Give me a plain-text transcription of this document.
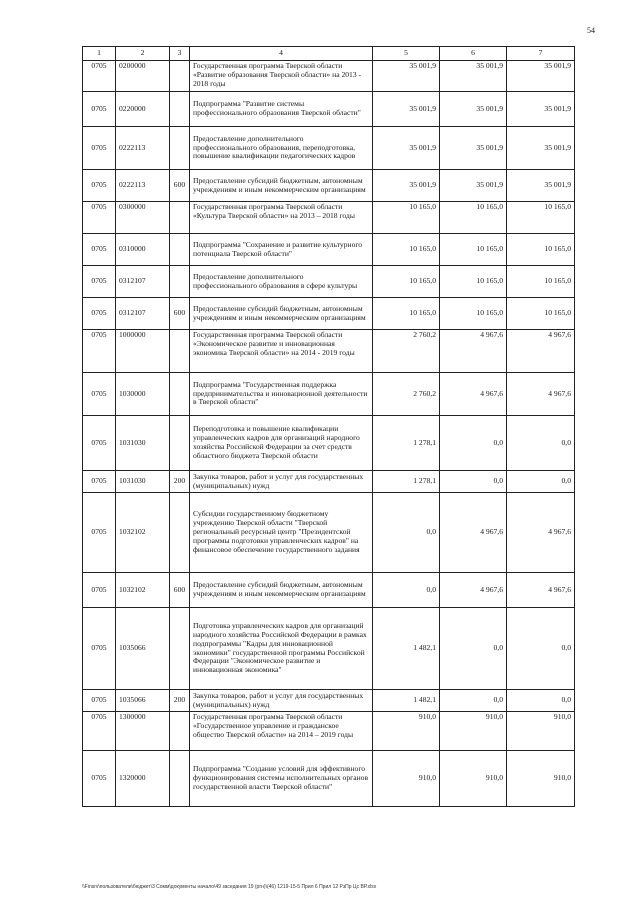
54
1	2	3	4	5	6	7
0705	0200000		Государственная программа Тверской области «Развитие образования Тверской области» на 2013 - 2018 годы	35 001,9	35 001,9	35 001,9
0705	0220000		Подпрограмма "Развитие системы профессионального образования Тверской области"	35 001,9	35 001,9	35 001,9
0705	0222113		Предоставление дополнительного профессионального образования, переподготовка, повышение квалификации педагогических кадров	35 001,9	35 001,9	35 001,9
0705	0222113	600	Предоставление субсидий бюджетным, автономным учреждениям и иным некоммерческим организациям	35 001,9	35 001,9	35 001,9
0705	0300000		Государственная программа Тверской области «Культура Тверской области» на 2013 – 2018 годы	10 165,0	10 165,0	10 165,0
0705	0310000		Подпрограмма "Сохранение и развитие культурного потенциала Тверской области"	10 165,0	10 165,0	10 165,0
0705	0312107		Предоставление дополнительного профессионального образования в сфере культуры	10 165,0	10 165,0	10 165,0
0705	0312107	600	Предоставление субсидий бюджетным, автономным учреждениям и иным некоммерческим организациям	10 165,0	10 165,0	10 165,0
0705	1000000		Государственная программа Тверской области «Экономическое развитие и инновационная экономика Тверской области» на 2014 - 2019 годы	2 760,2	4 967,6	4 967,6
0705	1030000		Подпрограмма "Государственная поддержка предпринимательства и инновационной деятельности в Тверской области"	2 760,2	4 967,6	4 967,6
0705	1031030		Переподготовка и повышение квалификации управленческих кадров для организаций народного хозяйства Российской Федерации за счет средств областного бюджета Тверской области	1 278,1	0,0	0,0
0705	1031030	200	Закупка товаров, работ и услуг для государственных (муниципальных) нужд	1 278,1	0,0	0,0
0705	1032102		Субсидии государственному бюджетному учреждению Тверской области "Тверской региональный ресурсный центр "Президентской программы подготовки управленческих кадров" на финансовое обеспечение государственного задания	0,0	4 967,6	4 967,6
0705	1032102	600	Предоставление субсидий бюджетным, автономным учреждениям и иным некоммерческим организациям	0,0	4 967,6	4 967,6
0705	1035066		Подготовка управленческих кадров для организаций народного хозяйства Российской Федерации в рамках подпрограммы "Кадры для инновационной экономики" государственной программы Российской Федерации "Экономическое развитие и инновационная экономика"	1 482,1	0,0	0,0
0705	1035066	200	Закупка товаров, работ и услуг для государственных (муниципальных) нужд	1 482,1	0,0	0,0
0705	1300000		Государственная программа Тверской области «Государственное управление и гражданское общество Тверской области» на 2014 – 2019 годы	910,0	910,0	910,0
0705	1320000		Подпрограмма "Создание условий для эффективного функционирования системы исполнительных органов государственной власти Тверской области"	910,0	910,0	910,0
\\Finsrv\пользователи\бюджет\3 Сомм\документы начало\49 заседания 19 (ргн)\(46) 1219-15-5 Прил 6 Прил 12 РзПр Цс ВР.xlsx
